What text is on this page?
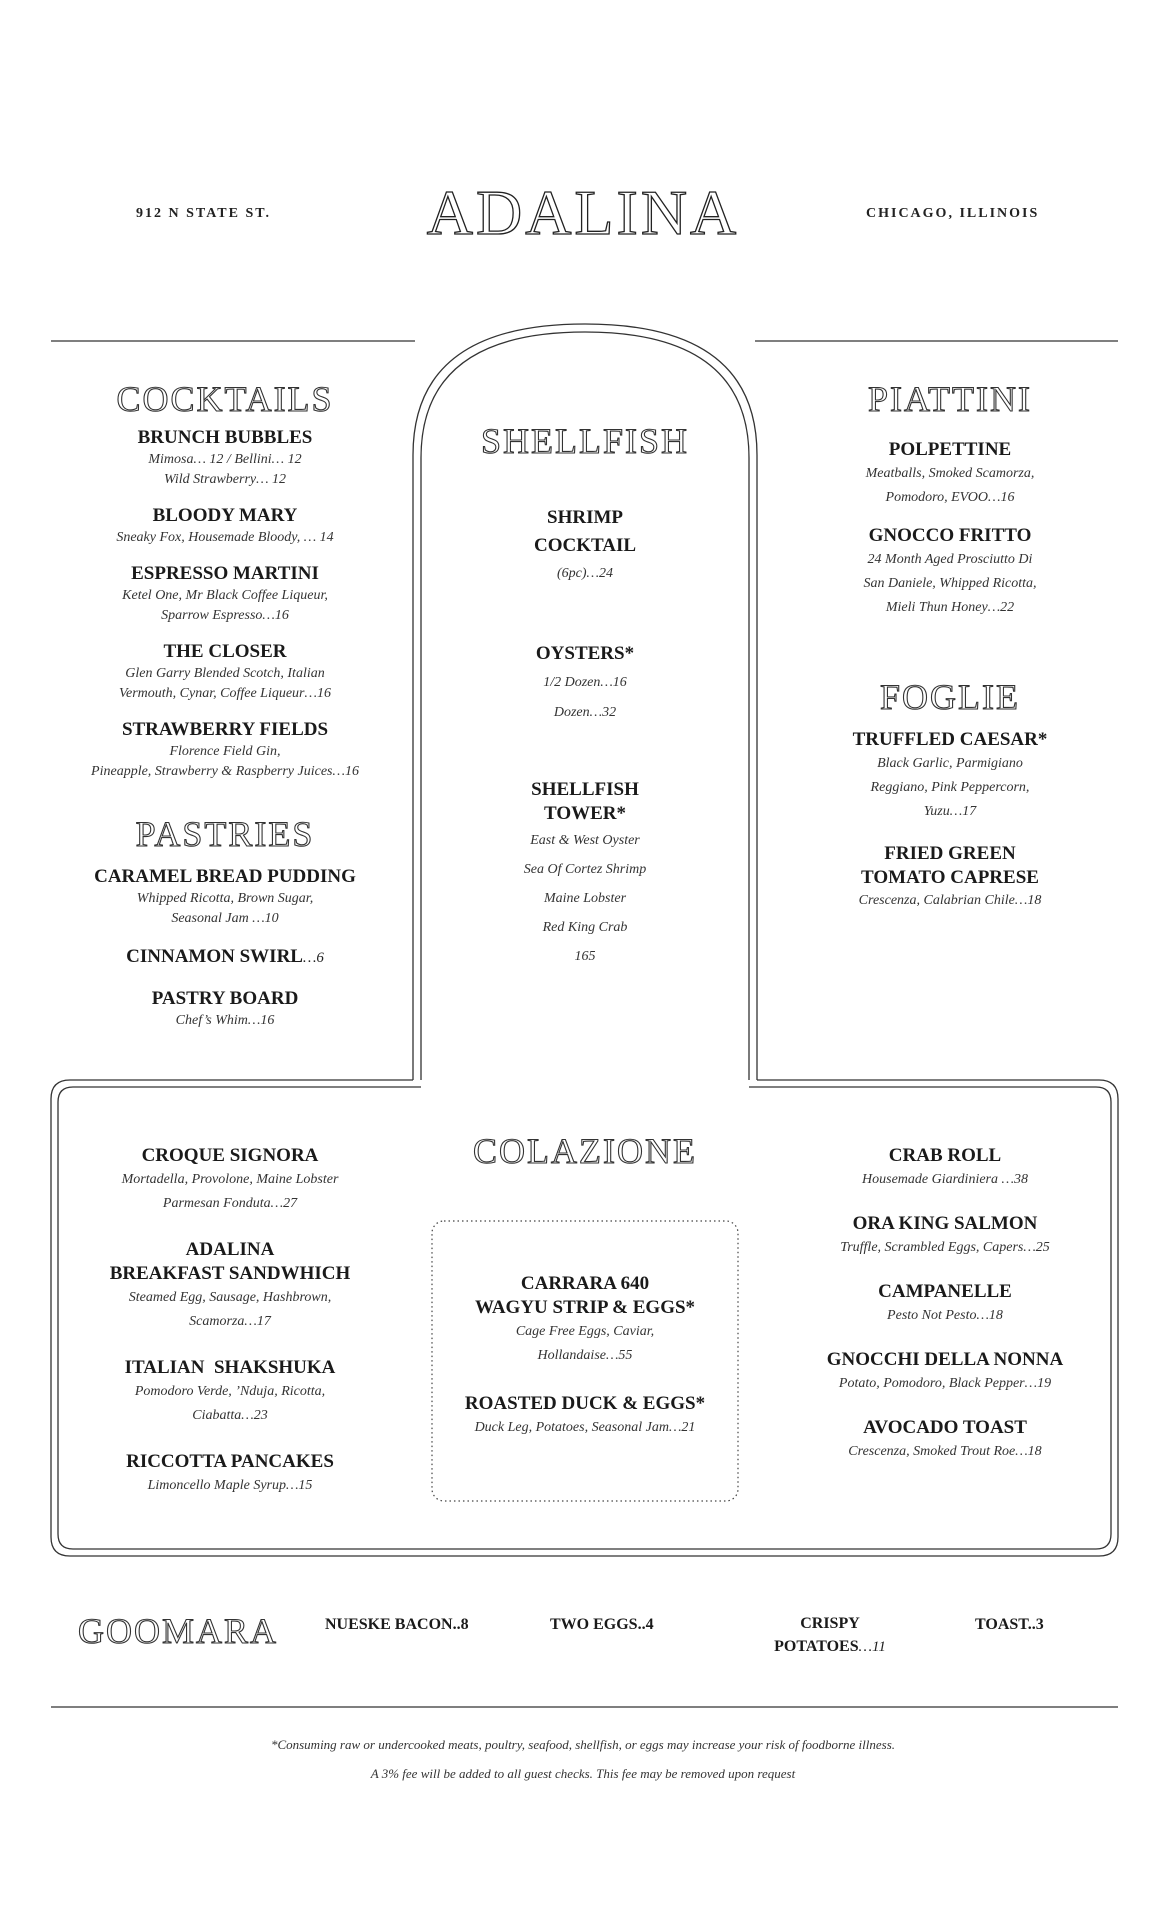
912 N STATE ST.	ADALINA	CHICAGO, ILLINOIS
COCKTAILS
BRUNCH BUBBLES
Mimosa… 12 / Bellini… 12
Wild Strawberry… 12
BLOODY MARY
Sneaky Fox, Housemade Bloody, … 14
ESPRESSO MARTINI
Ketel One, Mr Black Coffee Liqueur,
Sparrow Espresso…16
THE CLOSER
Glen Garry Blended Scotch, Italian
Vermouth, Cynar, Coffee Liqueur…16
STRAWBERRY FIELDS
Florence Field Gin,
Pineapple, Strawberry & Raspberry Juices…16
PASTRIES
CARAMEL BREAD PUDDING
Whipped Ricotta, Brown Sugar,
Seasonal Jam …10
CINNAMON SWIRL…6
PASTRY BOARD
Chef’s Whim…16
SHELLFISH
SHRIMP
COCKTAIL
(6pc)…24
OYSTERS*
1/2 Dozen…16
Dozen…32
SHELLFISH
TOWER*
East & West Oyster
Sea Of Cortez Shrimp
Maine Lobster
Red King Crab
165
PIATTINI
POLPETTINE
Meatballs, Smoked Scamorza,
Pomodoro, EVOO…16
GNOCCO FRITTO
24 Month Aged Prosciutto Di
San Daniele, Whipped Ricotta,
Mieli Thun Honey…22
FOGLIE
TRUFFLED CAESAR*
Black Garlic, Parmigiano
Reggiano, Pink Peppercorn,
Yuzu…17
FRIED GREEN
TOMATO CAPRESE
Crescenza, Calabrian Chile…18
COLAZIONE
CROQUE SIGNORA
Mortadella, Provolone, Maine Lobster
Parmesan Fonduta…27
ADALINA
BREAKFAST SANDWHICH
Steamed Egg, Sausage, Hashbrown,
Scamorza…17
ITALIAN  SHAKSHUKA
Pomodoro Verde, ’Nduja, Ricotta,
Ciabatta…23
RICCOTTA PANCAKES
Limoncello Maple Syrup…15
CARRARA 640
WAGYU STRIP & EGGS*
Cage Free Eggs, Caviar,
Hollandaise…55
ROASTED DUCK & EGGS*
Duck Leg, Potatoes, Seasonal Jam…21
CRAB ROLL
Housemade Giardiniera …38
ORA KING SALMON
Truffle, Scrambled Eggs, Capers…25
CAMPANELLE
Pesto Not Pesto…18
GNOCCHI DELLA NONNA
Potato, Pomodoro, Black Pepper…19
AVOCADO TOAST
Crescenza, Smoked Trout Roe…18
GOOMARA	NUESKE BACON..8	TWO EGGS..4	CRISPY
POTATOES…11
TOAST..3
*Consuming raw or undercooked meats, poultry, seafood, shellfish, or eggs may increase your risk of foodborne illness.
A 3% fee will be added to all guest checks. This fee may be removed upon request
